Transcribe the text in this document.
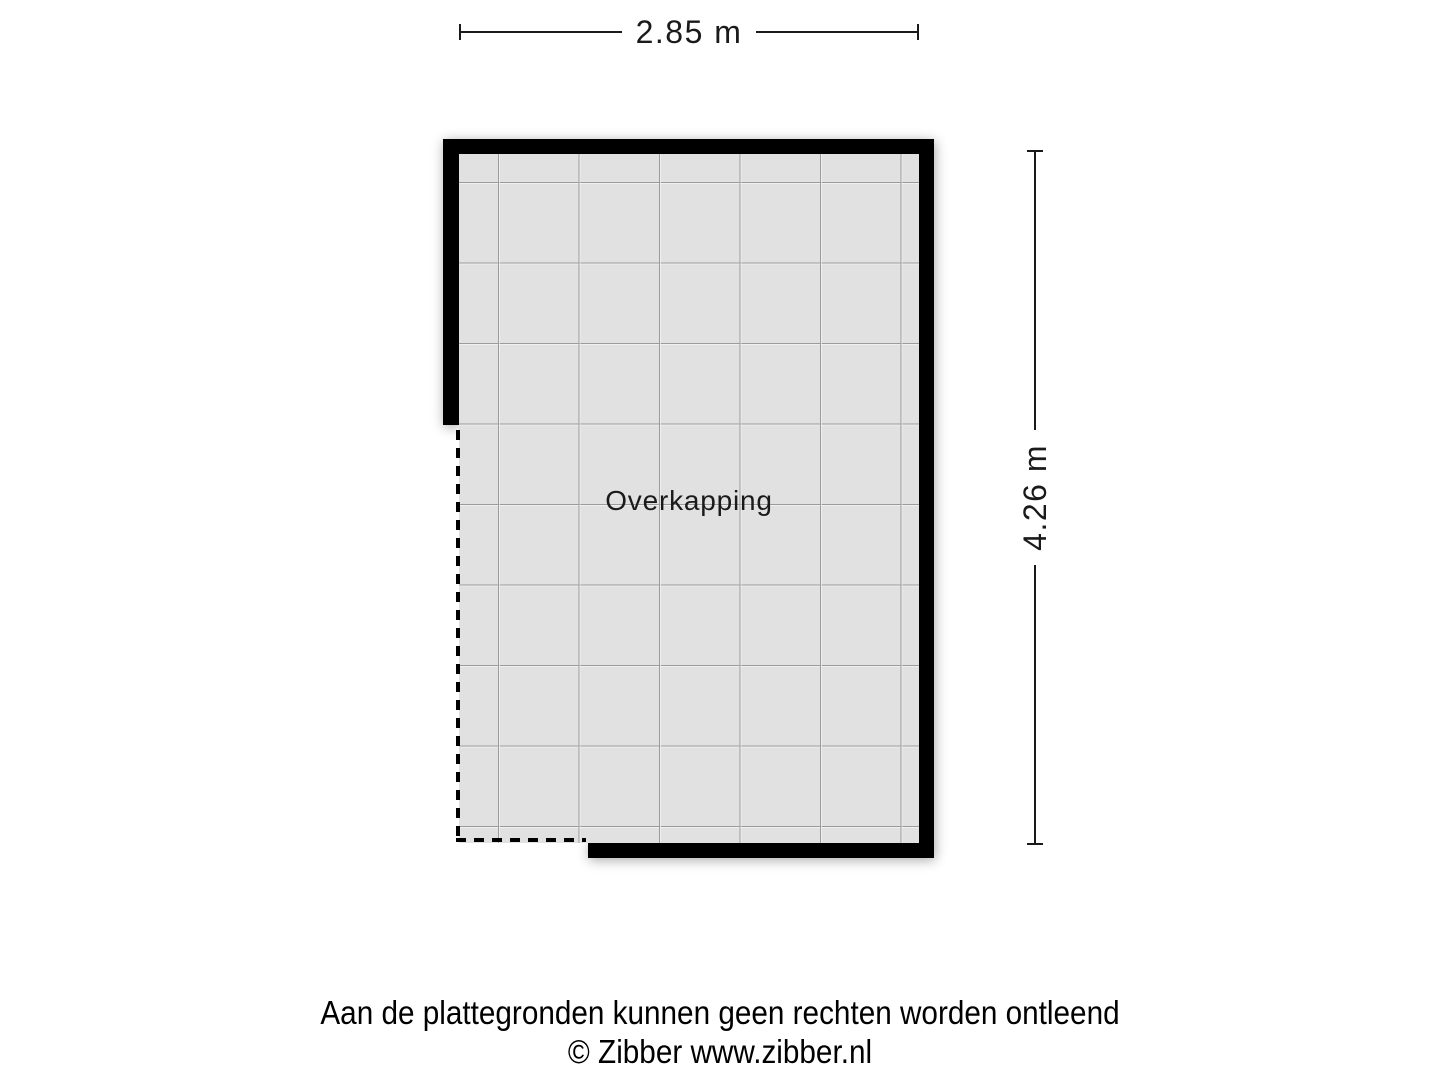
2.85 m
4.26 m
Overkapping
Aan de plattegronden kunnen geen rechten worden ontleend
© Zibber www.zibber.nl
